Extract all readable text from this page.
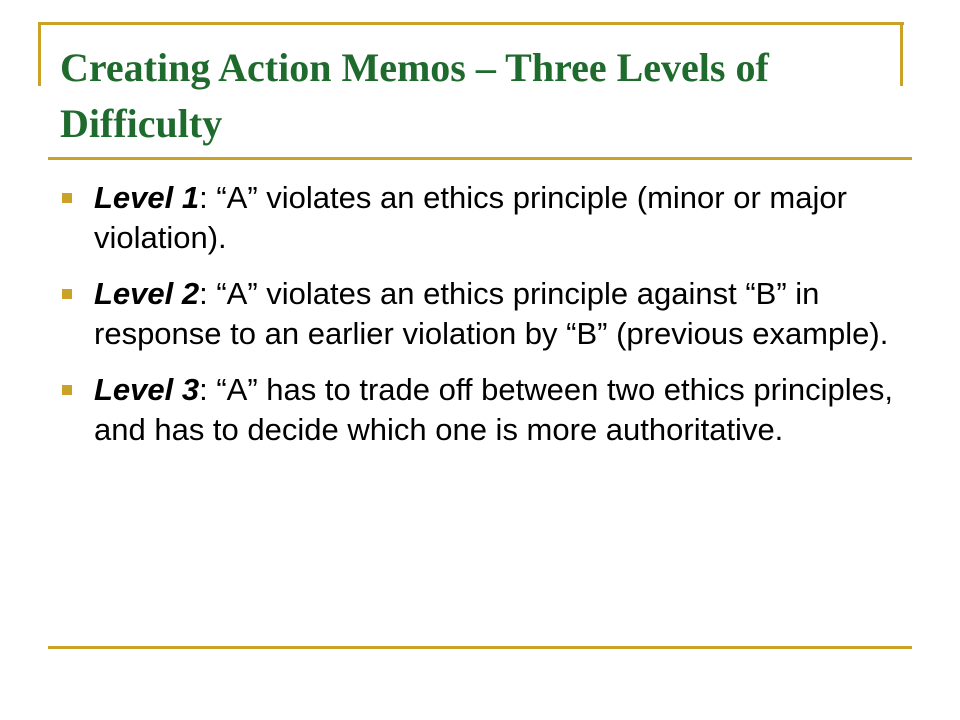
Creating Action Memos – Three Levels of Difficulty
Level 1: “A” violates an ethics principle (minor or major violation).
Level 2: “A” violates an ethics principle against “B” in response to an earlier violation by “B” (previous example).
Level 3: “A” has to trade off between two ethics principles, and has to decide which one is more authoritative.
